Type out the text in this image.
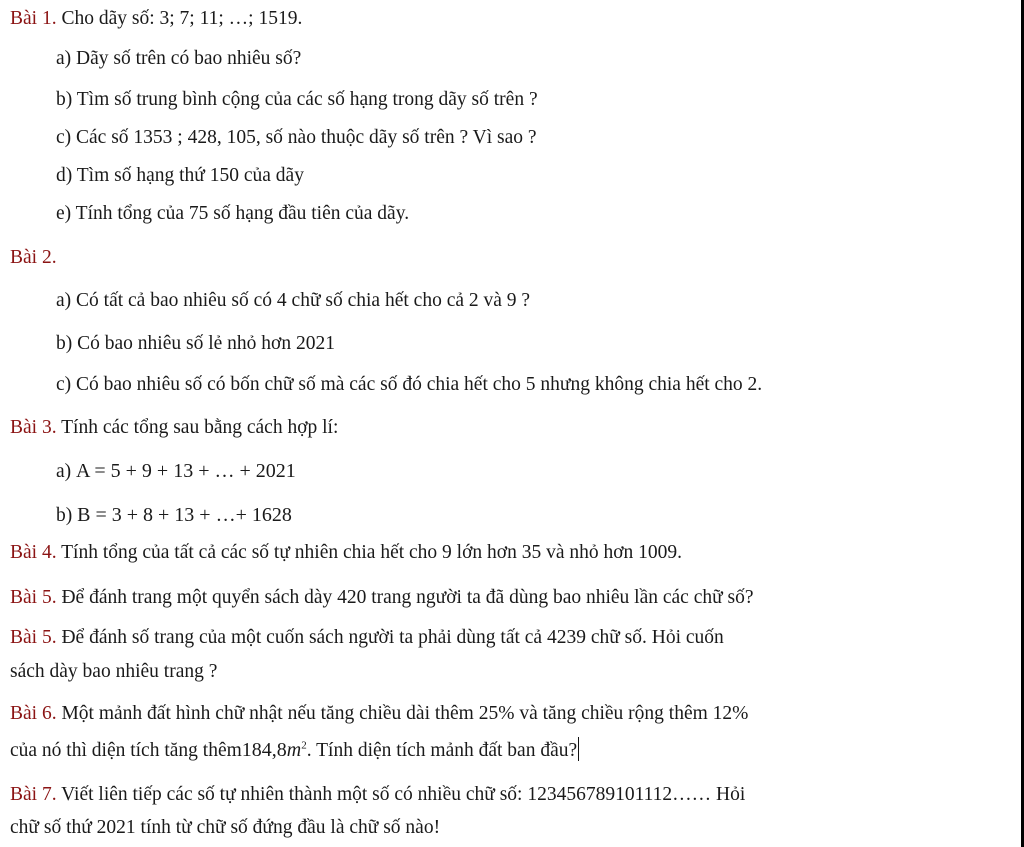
Bài 1. Cho dãy số: 3; 7; 11; …; 1519.
a) Dãy số trên có bao nhiêu số?
b) Tìm số trung bình cộng của các số hạng trong dãy số trên ?
c) Các số 1353 ; 428, 105, số nào thuộc dãy số trên ? Vì sao ?
d) Tìm số hạng thứ 150 của dãy
e) Tính tổng của 75 số hạng đầu tiên của dãy.
Bài 2.
a) Có tất cả bao nhiêu số có 4 chữ số chia hết cho cả 2 và 9 ?
b) Có bao nhiêu số lẻ nhỏ hơn 2021
c) Có bao nhiêu số có bốn chữ số mà các số đó chia hết cho 5 nhưng không chia hết cho 2.
Bài 3. Tính các tổng sau bằng cách hợp lí:
a) A = 5 + 9 + 13 + … + 2021
b) B = 3 + 8 + 13 + …+ 1628
Bài 4. Tính tổng của tất cả các số tự nhiên chia hết cho 9 lớn hơn 35 và nhỏ hơn 1009.
Bài 5. Để đánh trang một quyển sách dày 420 trang người ta đã dùng bao nhiêu lần các chữ số?
Bài 5. Để đánh số trang của một cuốn sách người ta phải dùng tất cả 4239 chữ số. Hỏi cuốn
sách dày bao nhiêu trang ?
Bài 6. Một mảnh đất hình chữ nhật nếu tăng chiều dài thêm 25% và tăng chiều rộng thêm 12%
của nó thì diện tích tăng $thêm184,8m^2$. Tính diện tích mảnh đất ban đầu?
Bài 7. Viết liên tiếp các số tự nhiên thành một số có nhiều chữ số: 123456789101112…… Hỏi
chữ số thứ 2021 tính từ chữ số đứng đầu là chữ số nào!
